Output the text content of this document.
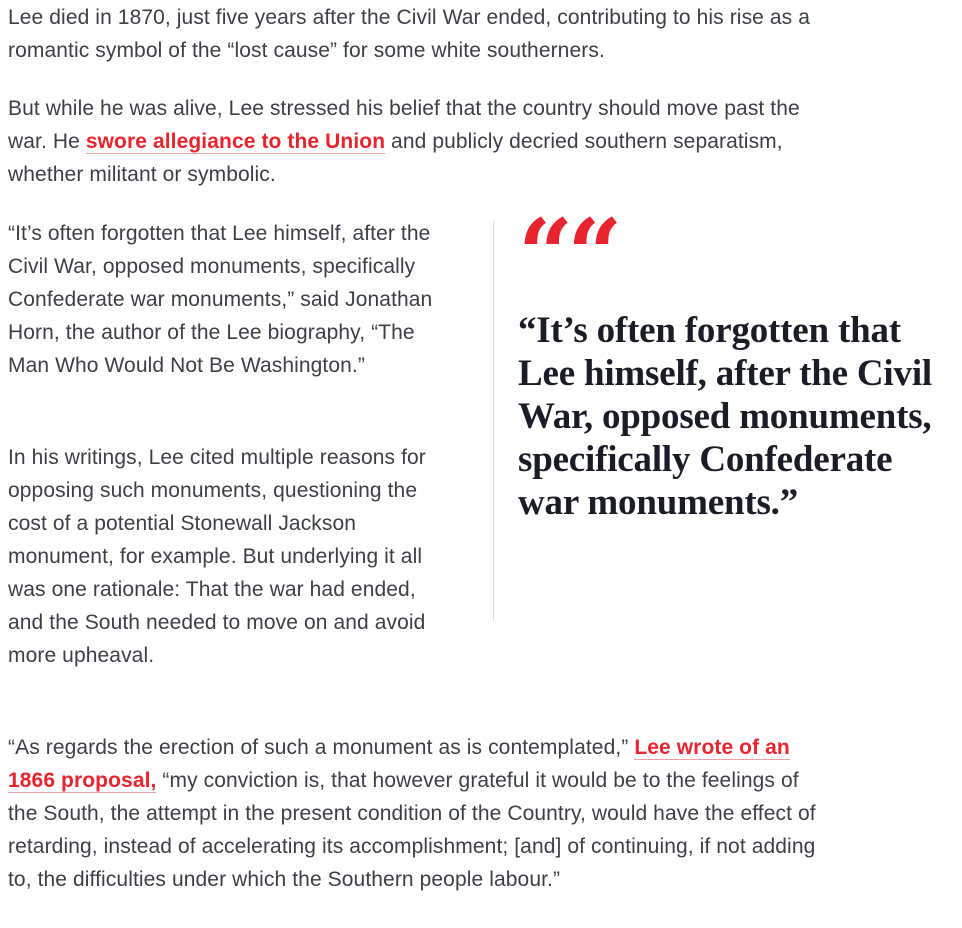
Lee died in 1870, just five years after the Civil War ended, contributing to his rise as a romantic symbol of the “lost cause” for some white southerners.

But while he was alive, Lee stressed his belief that the country should move past the war. He swore allegiance to the Union and publicly decried southern separatism, whether militant or symbolic.

“It’s often forgotten that Lee himself, after the Civil War, opposed monuments, specifically Confederate war monuments,” said Jonathan Horn, the author of the Lee biography, “The Man Who Would Not Be Washington.”

In his writings, Lee cited multiple reasons for opposing such monuments, questioning the cost of a potential Stonewall Jackson monument, for example. But underlying it all was one rationale: That the war had ended, and the South needed to move on and avoid more upheaval.

““
“It’s often forgotten that Lee himself, after the Civil War, opposed monuments, specifically Confederate war monuments.”

“As regards the erection of such a monument as is contemplated,” Lee wrote of an 1866 proposal, “my conviction is, that however grateful it would be to the feelings of the South, the attempt in the present condition of the Country, would have the effect of retarding, instead of accelerating its accomplishment; [and] of continuing, if not adding to, the difficulties under which the Southern people labour.”
